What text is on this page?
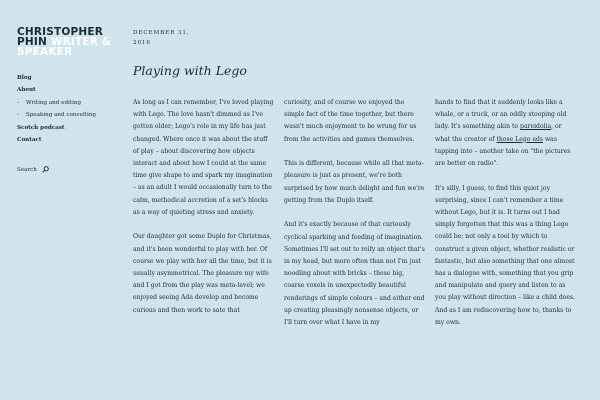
CHRISTOPHER PHIN WRITER & SPEAKER
Blog
About
- Writing and editing
- Speaking and consulting
Scotch podcast
Contact
Search
DECEMBER 31, 2016
Playing with Lego

As long as I can remember, I've loved playing with Lego. The love hasn't dimmed as I've gotten older; Lego's role in my life has just changed. Where once it was about the stuff of play – about discovering how objects interact and about how I could at the same time give shape to and spark my imagination – as an adult I would occasionally turn to the calm, methodical accretion of a set's blocks as a way of quieting stress and anxiety.

Our daughter got some Duplo for Christmas, and it's been wonderful to play with her. Of course we play with her all the time, but it is usually asymmetrical. The pleasure my wife and I got from the play was meta-level; we enjoyed seeing Ada develop and become curious and then work to sate that

curiosity, and of course we enjoyed the simple fact of the time together, but there wasn't much enjoyment to be wrung for us from the activities and games themselves.

This is different, because while all that meta-pleasure is just as present, we're both surprised by how much delight and fun we're getting from the Duplo itself.

And it's exactly because of that curiously cyclical sparking and feeding of imagination. Sometimes I'll set out to reify an object that's in my head, but more often than not I'm just noodling about with bricks – these big, coarse voxels in unexpectedly beautiful renderings of simple colours – and either end up creating pleasingly nonsense objects, or I'll turn over what I have in my

hands to find that it suddenly looks like a whale, or a truck, or an oddly stooping old lady. It's something akin to pareidolia, or what the creator of those Lego ads was tapping into – another take on "the pictures are better on radio".

It's silly, I guess, to find this quiet joy surprising, since I can't remember a time without Lego, but it is. It turns out I had simply forgotten that this was a thing Lego could be; not only a tool by which to construct a given object, whether realistic or fantastic, but also something that one almost has a dialogue with, something that you grip and manipulate and query and listen to as you play without direction – like a child does. And as I am rediscovering how to, thanks to my own.
